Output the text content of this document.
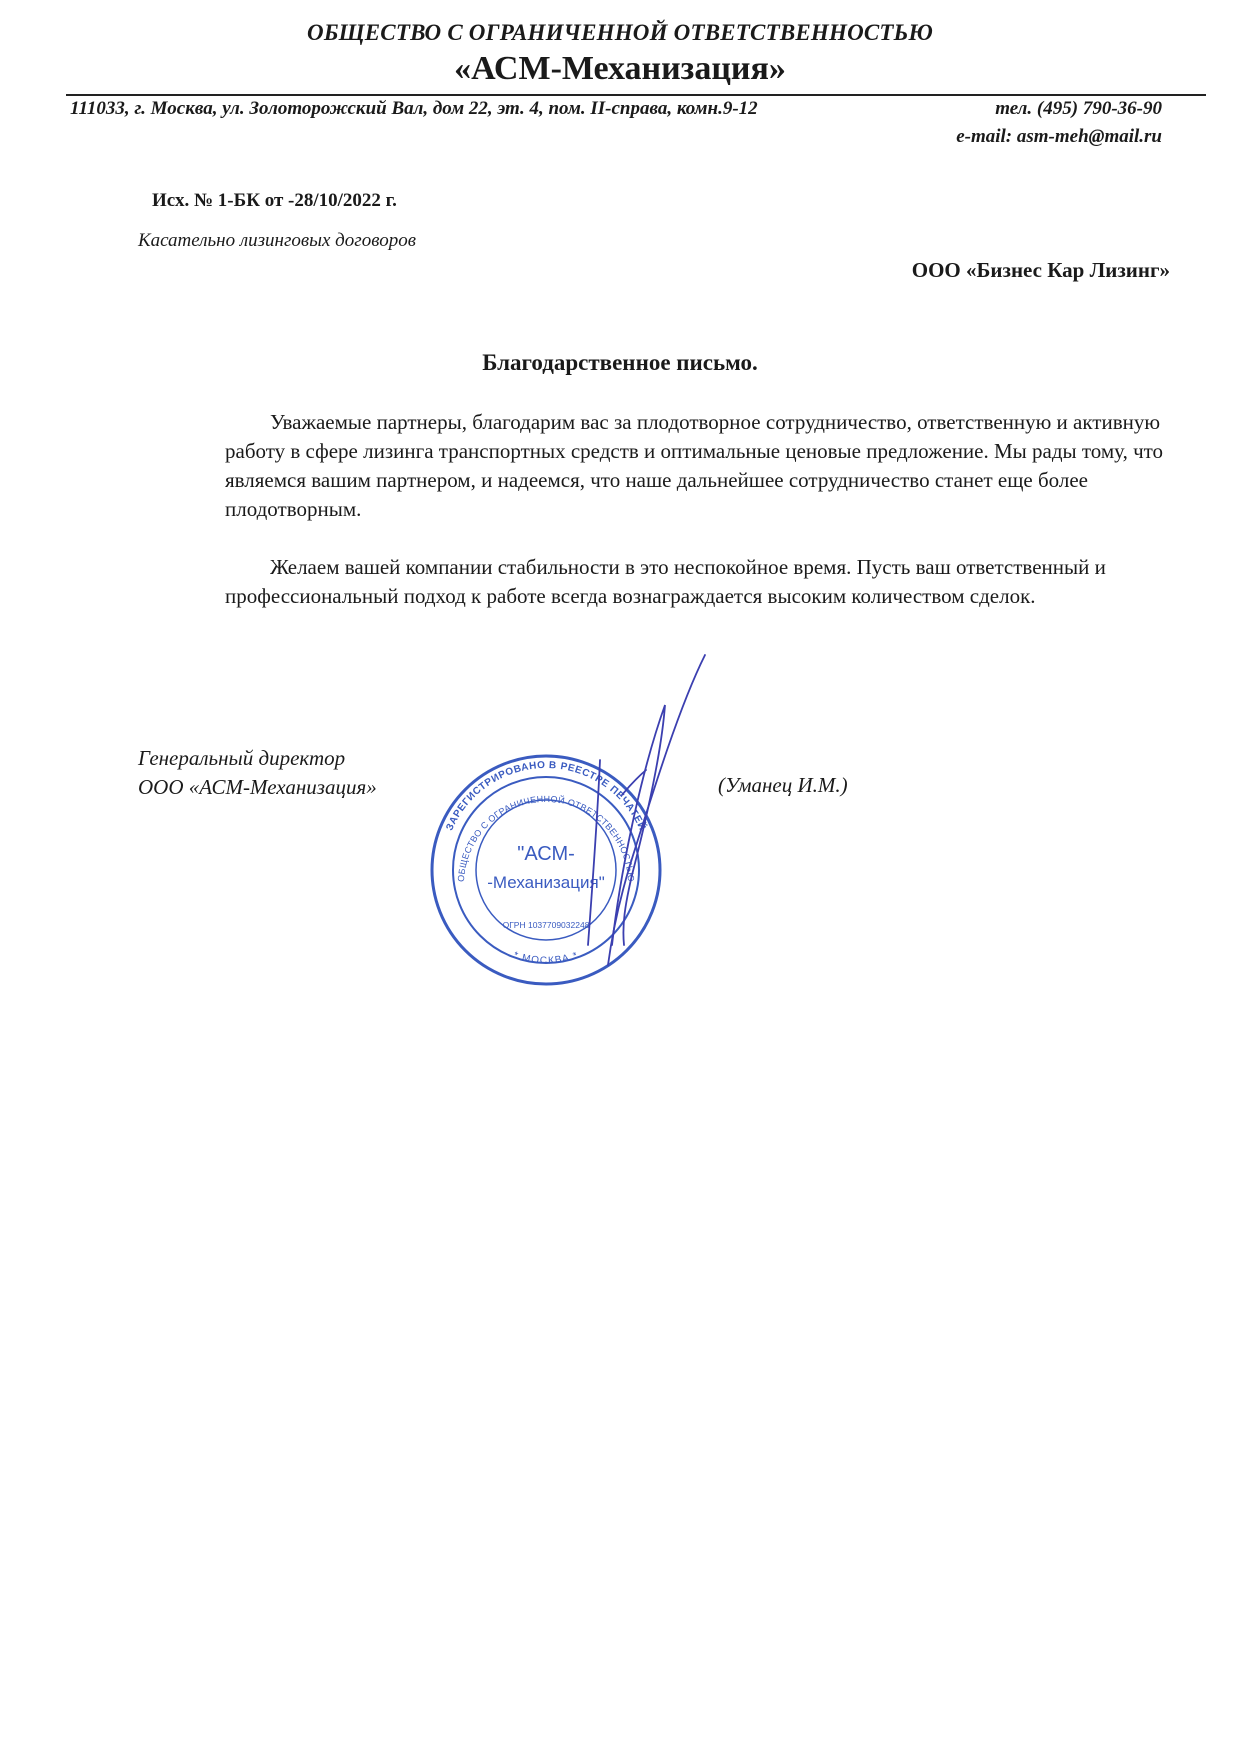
ОБЩЕСТВО С ОГРАНИЧЕННОЙ ОТВЕТСТВЕННОСТЬЮ
«АСМ-Механизация»
111033, г. Москва, ул. Золоторожский Вал, дом 22, эт. 4, пом. II-справа, комн.9-12	тел. (495) 790-36-90
e-mail: asm-meh@mail.ru
Исх. № 1-БК от -28/10/2022 г.
Касательно лизинговых договоров
ООО «Бизнес Кар Лизинг»
Благодарственное письмо.

Уважаемые партнеры, благодарим вас за плодотворное сотрудничество, ответственную и активную работу в сфере лизинга транспортных средств и оптимальные ценовые предложение. Мы рады тому, что являемся вашим партнером, и надеемся, что наше дальнейшее сотрудничество станет еще более плодотворным.

Желаем вашей компании стабильности в это неспокойное время. Пусть ваш ответственный и профессиональный подход к работе всегда вознаграждается высоким количеством сделок.

Генеральный директор
ООО «АСМ-Механизация»	(Уманец И.М.)
ЗАРЕГИСТРИРОВАНО В РЕЕСТРЕ ПЕЧАТЕЙ
ОБЩЕСТВО С ОГРАНИЧЕННОЙ ОТВЕТСТВЕННОСТЬЮ
* МОСКВА *
ОГРН 1037709032248
"АСМ-
-Механизация"
